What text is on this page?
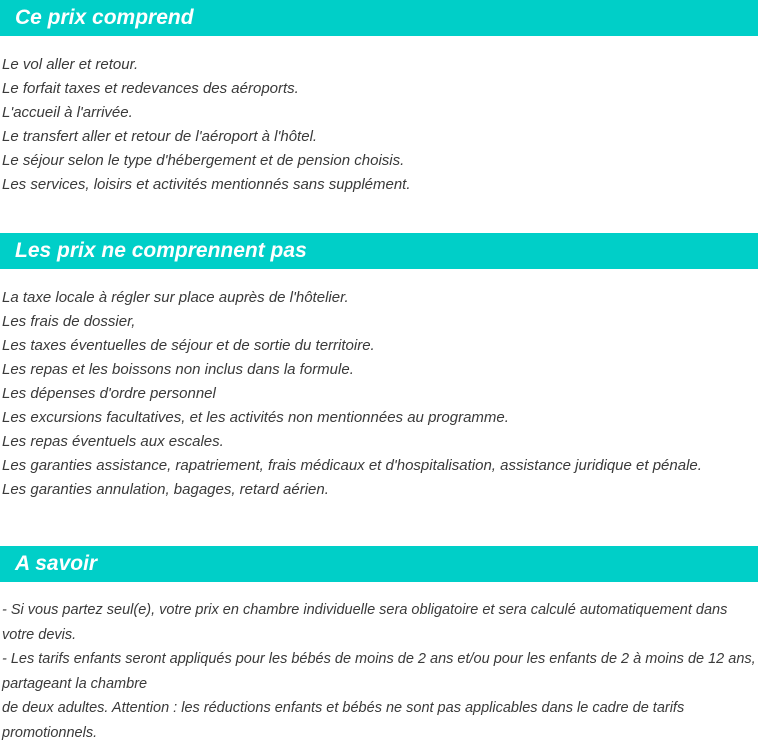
Ce prix comprend

Le vol aller et retour.

Le forfait taxes et redevances des aéroports.

L'accueil à l'arrivée.

Le transfert aller et retour de l'aéroport à l'hôtel.

Le séjour selon le type d'hébergement et de pension choisis.

Les services, loisirs et activités mentionnés sans supplément.

Les prix ne comprennent pas

La taxe locale à régler sur place auprès de l'hôtelier.

Les frais de dossier,

Les taxes éventuelles de séjour et de sortie du territoire.

Les repas et les boissons non inclus dans la formule.

Les dépenses d'ordre personnel

Les excursions facultatives, et les activités non mentionnées au programme.

Les repas éventuels aux escales.

Les garanties assistance, rapatriement, frais médicaux et d'hospitalisation, assistance juridique et pénale.

Les garanties annulation, bagages, retard aérien.

A savoir

- Si vous partez seul(e), votre prix en chambre individuelle sera obligatoire et sera calculé automatiquement dans votre devis.

- Les tarifs enfants seront appliqués pour les bébés de moins de 2 ans et/ou pour les enfants de 2 à moins de 12 ans, partageant la chambre

de deux adultes. Attention : les réductions enfants et bébés ne sont pas applicables dans le cadre de tarifs promotionnels.
